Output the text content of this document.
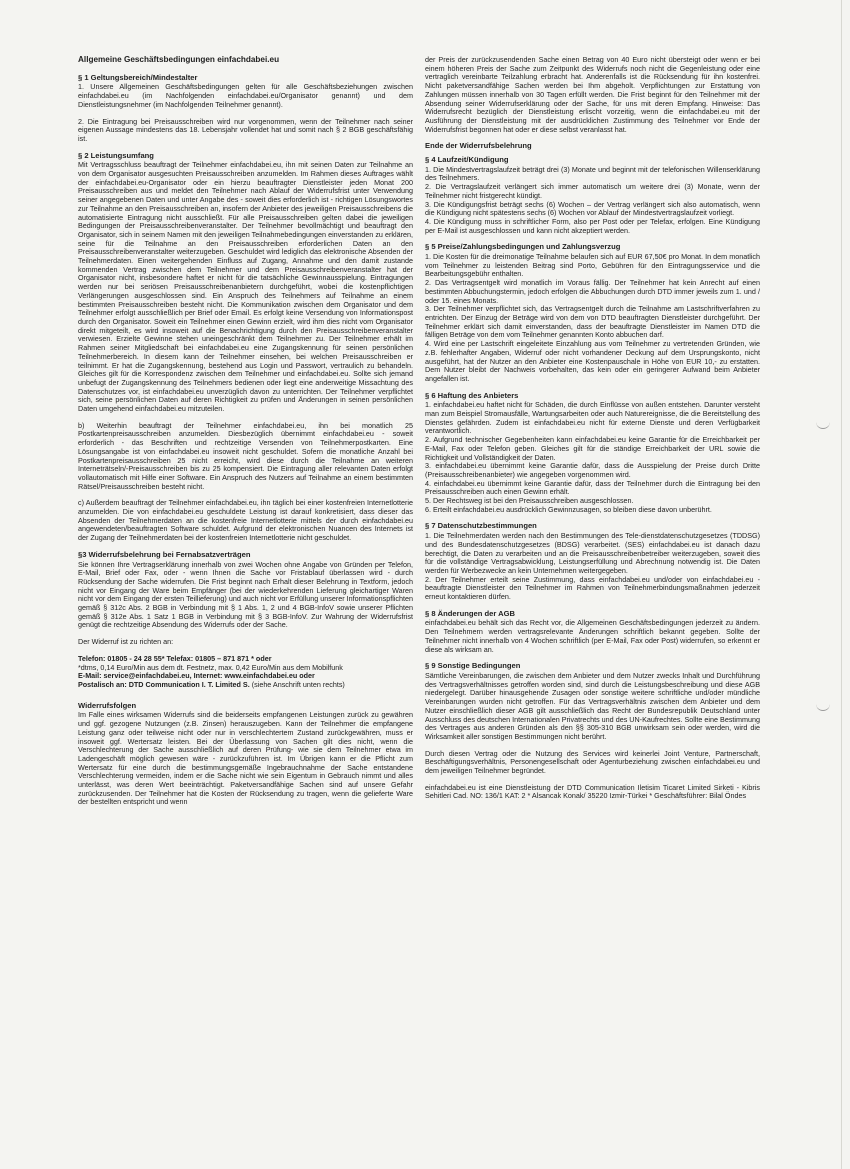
Allgemeine Geschäftsbedingungen einfachdabei.eu
§ 1 Geltungsbereich/Mindestalter

1. Unsere Allgemeinen Geschäftsbedingungen gelten für alle Geschäftsbeziehungen zwischen einfachdabei.eu (im Nachfolgenden einfachdabei.eu/Organisator genannt) und dem Dienstleistungsnehmer (im Nachfolgenden Teilnehmer genannt).

2. Die Eintragung bei Preisausschreiben wird nur vorgenommen, wenn der Teilnehmer nach seiner eigenen Aussage mindestens das 18. Lebensjahr vollendet hat und somit nach § 2 BGB geschäftsfähig ist.

§ 2 Leistungsumfang

Mit Vertragsschluss beauftragt der Teilnehmer einfachdabei.eu, ihn mit seinen Daten zur Teilnahme an von dem Organisator ausgesuchten Preisausschreiben anzumelden. Im Rahmen dieses Auftrages wählt der einfachdabei.eu-Organisator oder ein hierzu beauftragter Dienstleister jeden Monat 200 Preisausschreiben aus und meldet den Teilnehmer nach Ablauf der Widerrufsfrist unter Verwendung seiner angegebenen Daten und unter Angabe des - soweit dies erforderlich ist - richtigen Lösungswortes zur Teilnahme an den Preisausschreiben an, insofern der Anbieter des jeweiligen Preisausschreibens die automatisierte Eintragung nicht ausschließt. Für alle Preisausschreiben gelten dabei die jeweiligen Bedingungen der Preisausschreibenveranstalter. Der Teilnehmer bevollmächtigt und beauftragt den Organisator, sich in seinem Namen mit den jeweiligen Teilnahmebedingungen einverstanden zu erklären, seine für die Teilnahme an den Preisausschreiben erforderlichen Daten an den Preisausschreibenveranstalter weiterzugeben. Geschuldet wird lediglich das elektronische Absenden der Teilnehmerdaten. Einen weitergehenden Einfluss auf Zugang, Annahme und den damit zustande kommenden Vertrag zwischen dem Teilnehmer und dem Preisausschreibenveranstalter hat der Organisator nicht, insbesondere haftet er nicht für die tatsächliche Gewinnausspielung. Eintragungen werden nur bei seriösen Preisausschreibenanbietern durchgeführt, wobei die kostenpflichtigen Verlängerungen ausgeschlossen sind. Ein Anspruch des Teilnehmers auf Teilnahme an einem bestimmten Preisausschreiben besteht nicht. Die Kommunikation zwischen dem Organisator und dem Teilnehmer erfolgt ausschließlich per Brief oder Email. Es erfolgt keine Versendung von Informationspost durch den Organisator. Soweit ein Teilnehmer einen Gewinn erzielt, wird ihm dies nicht vom Organisator direkt mitgeteilt, es wird insoweit auf die Benachrichtigung durch den Preisausschreibenveranstalter verwiesen. Erzielte Gewinne stehen uneingeschränkt dem Teilnehmer zu. Der Teilnehmer erhält im Rahmen seiner Mitgliedschaft bei einfachdabei.eu eine Zugangskennung für seinen persönlichen Teilnehmerbereich. In diesem kann der Teilnehmer einsehen, bei welchen Preisausschreiben er teilnimmt. Er hat die Zugangskennung, bestehend aus Login und Passwort, vertraulich zu behandeln. Gleiches gilt für die Korrespondenz zwischen dem Teilnehmer und einfachdabei.eu. Sollte sich jemand unbefugt der Zugangskennung des Teilnehmers bedienen oder liegt eine anderweitige Missachtung des Datenschutzes vor, ist einfachdabei.eu unverzüglich davon zu unterrichten. Der Teilnehmer verpflichtet sich, seine persönlichen Daten auf deren Richtigkeit zu prüfen und Änderungen in seinen persönlichen Daten umgehend einfachdabei.eu mitzuteilen.

b) Weiterhin beauftragt der Teilnehmer einfachdabei.eu, ihn bei monatlich 25 Postkartenpreisausschreiben anzumelden. Diesbezüglich übernimmt einfachdabei.eu - soweit erforderlich - das Beschriften und rechtzeitige Versenden von Teilnehmerpostkarten. Eine Lösungsangabe ist von einfachdabei.eu insoweit nicht geschuldet. Sofern die monatliche Anzahl bei Postkartenpreisausschreiben 25 nicht erreicht, wird diese durch die Teilnahme an weiteren Interneträtseln/-Preisausschreiben bis zu 25 kompensiert. Die Eintragung aller relevanten Daten erfolgt vollautomatisch mit Hilfe einer Software. Ein Anspruch des Nutzers auf Teilnahme an einem bestimmten Rätsel/Preisausschreiben besteht nicht.

c) Außerdem beauftragt der Teilnehmer einfachdabei.eu, ihn täglich bei einer kostenfreien Internetlotterie anzumelden. Die von einfachdabei.eu geschuldete Leistung ist darauf konkretisiert, dass dieser das Absenden der Teilnehmerdaten an die kostenfreie Internetlotterie mittels der durch einfachdabei.eu angewendeten/beauftragten Software schuldet. Aufgrund der elektronischen Nuancen des Internets ist der Zugang der Teilnehmerdaten bei der kostenfreien Internetlotterie nicht geschuldet.

§3 Widerrufsbelehrung bei Fernabsatzverträgen

Sie können Ihre Vertragserklärung innerhalb von zwei Wochen ohne Angabe von Gründen per Telefon, E-Mail, Brief oder Fax, oder - wenn Ihnen die Sache vor Fristablauf überlassen wird - durch Rücksendung der Sache widerrufen. Die Frist beginnt nach Erhalt dieser Belehrung in Textform, jedoch nicht vor Eingang der Ware beim Empfänger (bei der wiederkehrenden Lieferung gleichartiger Waren nicht vor dem Eingang der ersten Teillieferung) und auch nicht vor Erfüllung unserer Informationspflichten gemäß § 312c Abs. 2 BGB in Verbindung mit § 1 Abs. 1, 2 und 4 BGB-InfoV sowie unserer Pflichten gemäß § 312e Abs. 1 Satz 1 BGB in Verbindung mit § 3 BGB-InfoV. Zur Wahrung der Widerrufsfrist genügt die rechtzeitige Absendung des Widerrufs oder der Sache.

Der Widerruf ist zu richten an:

Telefon: 01805 - 24 28 55* Telefax: 01805 – 871 871 * oder
*dtms, 0,14 Euro/Min aus dem dt. Festnetz, max. 0,42 Euro/Min aus dem Mobilfunk
E-Mail: service@einfachdabei.eu, Internet: www.einfachdabei.eu oder
Postalisch an: DTD Communication I. T. Limited S. (siehe Anschrift unten rechts)
Widerrufsfolgen

Im Falle eines wirksamen Widerrufs sind die beiderseits empfangenen Leistungen zurück zu gewähren und ggf. gezogene Nutzungen (z.B. Zinsen) herauszugeben. Kann der Teilnehmer die empfangene Leistung ganz oder teilweise nicht oder nur in verschlechtertem Zustand zurückgewähren, muss er insoweit ggf. Wertersatz leisten. Bei der Überlassung von Sachen gilt dies nicht, wenn die Verschlechterung der Sache ausschließlich auf deren Prüfung- wie sie dem Teilnehmer etwa im Ladengeschäft möglich gewesen wäre - zurückzuführen ist. Im Übrigen kann er die Pflicht zum Wertersatz für eine durch die bestimmungsgemäße Ingebrauchnahme der Sache entstandene Verschlechterung vermeiden, indem er die Sache nicht wie sein Eigentum in Gebrauch nimmt und alles unterlässt, was deren Wert beeinträchtigt. Paketversandfähige Sachen sind auf unsere Gefahr zurückzusenden. Der Teilnehmer hat die Kosten der Rücksendung zu tragen, wenn die gelieferte Ware der bestellten entspricht und wenn

der Preis der zurückzusendenden Sache einen Betrag von 40 Euro nicht übersteigt oder wenn er bei einem höheren Preis der Sache zum Zeitpunkt des Widerrufs noch nicht die Gegenleistung oder eine vertraglich vereinbarte Teilzahlung erbracht hat. Anderenfalls ist die Rücksendung für ihn kostenfrei. Nicht paketversandfähige Sachen werden bei Ihm abgeholt. Verpflichtungen zur Erstattung von Zahlungen müssen innerhalb von 30 Tagen erfüllt werden. Die Frist beginnt für den Teilnehmer mit der Absendung seiner Widerrufserklärung oder der Sache, für uns mit deren Empfang. Hinweise: Das Widerrufsrecht bezüglich der Dienstleistung erlischt vorzeitig, wenn die einfachdabei.eu mit der Ausführung der Dienstleistung mit der ausdrücklichen Zustimmung des Teilnehmer vor Ende der Widerrufsfrist begonnen hat oder er diese selbst veranlasst hat.

Ende der Widerrufsbelehrung
§ 4 Laufzeit/Kündigung
1. Die Mindestvertragslaufzeit beträgt drei (3) Monate und beginnt mit der telefonischen Willenserklärung des Teilnehmers.
2. Die Vertragslaufzeit verlängert sich immer automatisch um weitere drei (3) Monate, wenn der Teilnehmer nicht fristgerecht kündigt.
3. Die Kündigungsfrist beträgt sechs (6) Wochen – der Vertrag verlängert sich also automatisch, wenn die Kündigung nicht spätestens sechs (6) Wochen vor Ablauf der Mindestvertragslaufzeit vorliegt.

4. Die Kündigung muss in schriftlicher Form, also per Post oder per Telefax, erfolgen. Eine Kündigung per E-Mail ist ausgeschlossen und kann nicht akzeptiert werden.

§ 5 Preise/Zahlungsbedingungen und Zahlungsverzug
1. Die Kosten für die dreimonatige Teilnahme belaufen sich auf EUR 67,50€ pro Monat. In dem monatlich vom Teilnehmer zu leistenden Beitrag sind Porto, Gebühren für den Eintragungsservice und die Bearbeitungsgebühr enthalten.
2. Das Vertragsentgelt wird monatlich im Voraus fällig. Der Teilnehmer hat kein Anrecht auf einen bestimmten Abbuchungstermin, jedoch erfolgen die Abbuchungen durch DTD immer jeweils zum 1. und / oder 15. eines Monats.
3. Der Teilnehmer verpflichtet sich, das Vertragsentgelt durch die Teilnahme am Lastschriftverfahren zu entrichten. Der Einzug der Beträge wird von dem von DTD beauftragten Dienstleister durchgeführt. Der Teilnehmer erklärt sich damit einverstanden, dass der beauftragte Dienstleister im Namen DTD die fälligen Beträge von dem vom Teilnehmer genannten Konto abbuchen darf.

4. Wird eine per Lastschrift eingeleitete Einzahlung aus vom Teilnehmer zu vertretenden Gründen, wie z.B. fehlerhafter Angaben, Widerruf oder nicht vorhandener Deckung auf dem Ursprungskonto, nicht ausgeführt, hat der Nutzer an den Anbieter eine Kostenpauschale in Höhe von EUR 10,- zu erstatten. Dem Nutzer bleibt der Nachweis vorbehalten, das kein oder ein geringerer Aufwand beim Anbieter angefallen ist.

§ 6 Haftung des Anbieters
1. einfachdabei.eu haftet nicht für Schäden, die durch Einflüsse von außen entstehen. Darunter versteht man zum Beispiel Stromausfälle, Wartungsarbeiten oder auch Naturereignisse, die die Bereitstellung des Dienstes gefährden. Zudem ist einfachdabei.eu nicht für externe Dienste und deren Verfügbarkeit verantwortlich.
2. Aufgrund technischer Gegebenheiten kann einfachdabei.eu keine Garantie für die Erreichbarkeit per E-Mail, Fax oder Telefon geben. Gleiches gilt für die ständige Erreichbarkeit der URL sowie die Richtigkeit und Vollständigkeit der Daten.
3. einfachdabei.eu übernimmt keine Garantie dafür, dass die Ausspielung der Preise durch Dritte (Preisausschreibenanbieter) wie angegeben vorgenommen wird.
4. einfachdabei.eu übernimmt keine Garantie dafür, dass der Teilnehmer durch die Eintragung bei den Preisausschreiben auch einen Gewinn erhält.
5. Der Rechtsweg ist bei den Preisausschreiben ausgeschlossen.

6. Erteilt einfachdabei.eu ausdrücklich Gewinnzusagen, so bleiben diese davon unberührt.

§ 7 Datenschutzbestimmungen
1. Die Teilnehmerdaten werden nach den Bestimmungen des Tele-dienstdatenschutzgesetzes (TDDSG) und des Bundesdatenschutzgesetzes (BDSG) verarbeitet. (SES) einfachdabei.eu ist danach dazu berechtigt, die Daten zu verarbeiten und an die Preisausschreibenbetreiber weiterzugeben, soweit dies für die vollständige Vertragsabwicklung, Leistungserfüllung und Abrechnung notwendig ist. Die Daten werden für Werbezwecke an kein Unternehmen weitergegeben.

2. Der Teilnehmer erteilt seine Zustimmung, dass einfachdabei.eu und/oder von einfachdabei.eu - beauftragte Dienstleister den Teilnehmer im Rahmen von Teilnehmerbindungsmaßnahmen jederzeit erneut kontaktieren dürfen.

§ 8 Änderungen der AGB

einfachdabei.eu behält sich das Recht vor, die Allgemeinen Geschäftsbedingungen jederzeit zu ändern. Den Teilnehmern werden vertragsrelevante Änderungen schriftlich bekannt gegeben. Sollte der Teilnehmer nicht innerhalb von 4 Wochen schriftlich (per E-Mail, Fax oder Post) widerrufen, so erkennt er diese als wirksam an.

§ 9 Sonstige Bedingungen

Sämtliche Vereinbarungen, die zwischen dem Anbieter und dem Nutzer zwecks Inhalt und Durchführung des Vertragsverhältnisses getroffen worden sind, sind durch die Leistungsbeschreibung und diese AGB niedergelegt. Darüber hinausgehende Zusagen oder sonstige weitere schriftliche und/oder mündliche Vereinbarungen wurden nicht getroffen. Für das Vertragsverhältnis zwischen dem Anbieter und dem Nutzer einschließlich dieser AGB gilt ausschließlich das Recht der Bundesrepublik Deutschland unter Ausschluss des deutschen Internationalen Privatrechts und des UN-Kaufrechtes. Sollte eine Bestimmung des Vertrages aus anderen Gründen als den §§ 305-310 BGB unwirksam sein oder werden, wird die Wirksamkeit aller sonstigen Bestimmungen nicht berührt.

Durch diesen Vertrag oder die Nutzung des Services wird keinerlei Joint Venture, Partnerschaft, Beschäftigungsverhältnis, Personengesellschaft oder Agenturbeziehung zwischen einfachdabei.eu und dem jeweiligen Teilnehmer begründet.

einfachdabei.eu ist eine Dienstleistung der DTD Communication Iletisim Ticaret Limited Sirketi - Kibris Sehitleri Cad. NO: 136/1 KAT: 2 * Alsancak Konak/ 35220 Izmir-Türkei * Geschäftsführer: Bilal Öndes
